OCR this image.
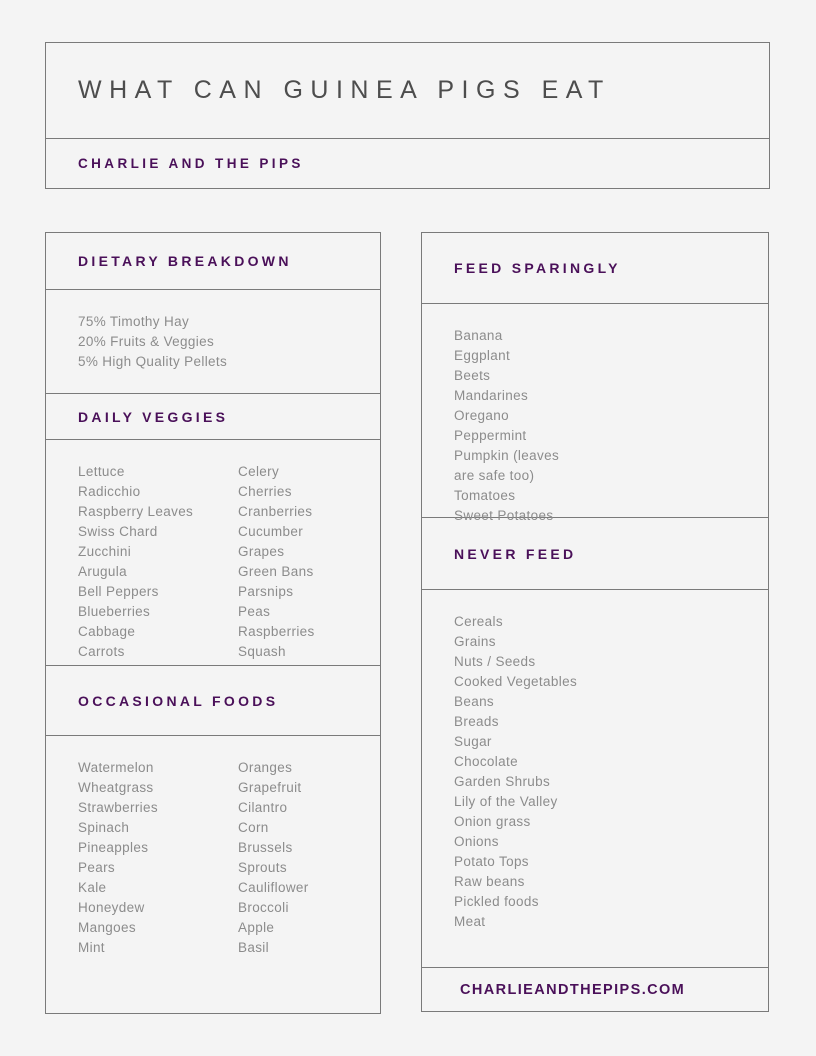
WHAT CAN GUINEA PIGS EAT
CHARLIE AND THE PIPS
DIETARY BREAKDOWN
75% Timothy Hay
20% Fruits & Veggies
5% High Quality Pellets
DAILY VEGGIES
Lettuce
Radicchio
Raspberry Leaves
Swiss Chard
Zucchini
Arugula
Bell Peppers
Blueberries
Cabbage
Carrots
Celery
Cherries
Cranberries
Cucumber
Grapes
Green Bans
Parsnips
Peas
Raspberries
Squash
OCCASIONAL FOODS
Watermelon
Wheatgrass
Strawberries
Spinach
Pineapples
Pears
Kale
Honeydew
Mangoes
Mint
Oranges
Grapefruit
Cilantro
Corn
Brussels
Sprouts
Cauliflower
Broccoli
Apple
Basil
FEED SPARINGLY
Banana
Eggplant
Beets
Mandarines
Oregano
Peppermint
Pumpkin (leaves
are safe too)
Tomatoes
Sweet Potatoes
NEVER FEED
Cereals
Grains
Nuts / Seeds
Cooked Vegetables
Beans
Breads
Sugar
Chocolate
Garden Shrubs
Lily of the Valley
Onion grass
Onions
Potato Tops
Raw beans
Pickled foods
Meat
CHARLIEANDTHEPIPS.COM
